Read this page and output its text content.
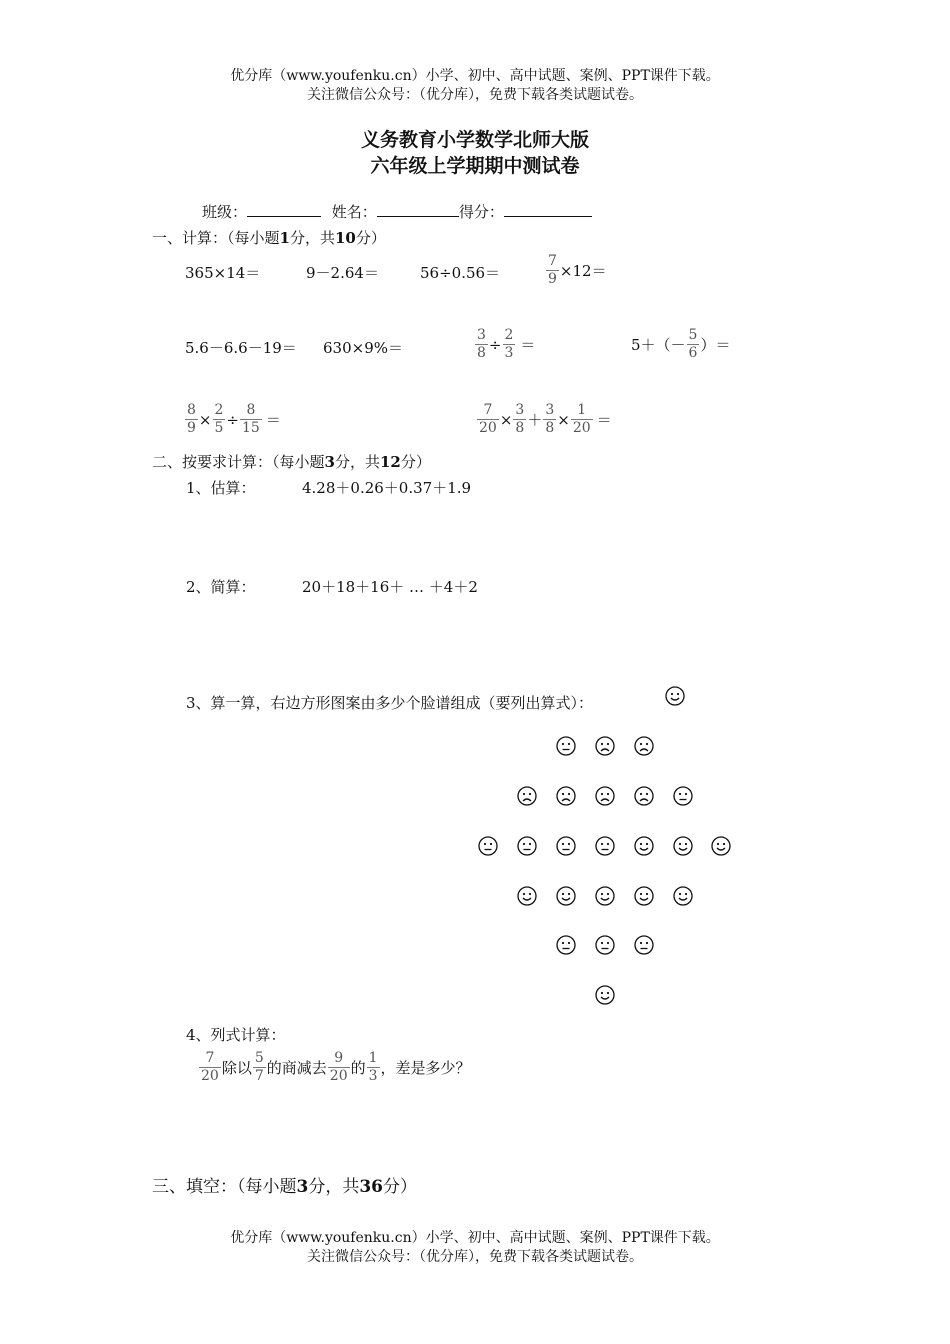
优分库（www.youfenku.cn）小学、初中、高中试题、案例、PPT课件下载。
关注微信公众号：（优分库），免费下载各类试题试卷。
义务教育小学数学北师大版
六年级上学期期中测试卷
班级：	姓名：	得分：
一、计算：（每小题1分，共10分）
365×14＝	9－2.64＝	56÷0.56＝	$\frac{7}{9} \times 12=$
5.6－6.6－19＝ 630×9%＝	$\frac{3}{8} \div \frac{2}{3}$ ＝	$5+(- \frac{5}{6}$ ）＝
$\frac{8}{9} \times \frac{2}{5} \div \frac{8}{15}$ ＝	$\frac{7}{20} \times \frac{3}{8} + \frac{3}{8} \times \frac{1}{20}$ ＝
二、按要求计算：（每小题3分，共12分）
1、估算：	4.28＋0.26＋0.37＋1.9
2、简算：	20＋18＋16＋ … ＋4＋2
3、算一算，右边方形图案由多少个脸谱组成（要列出算式）：
4、列式计算：
$\frac{7}{20}$ 除以 $\frac{5}{7}$ 的商减去 $\frac{9}{20}$ 的 $\frac{1}{3}$ ，差是多少？
三、填空：（每小题3分，共36分）
优分库（www.youfenku.cn）小学、初中、高中试题、案例、PPT课件下载。
关注微信公众号：（优分库），免费下载各类试题试卷。
